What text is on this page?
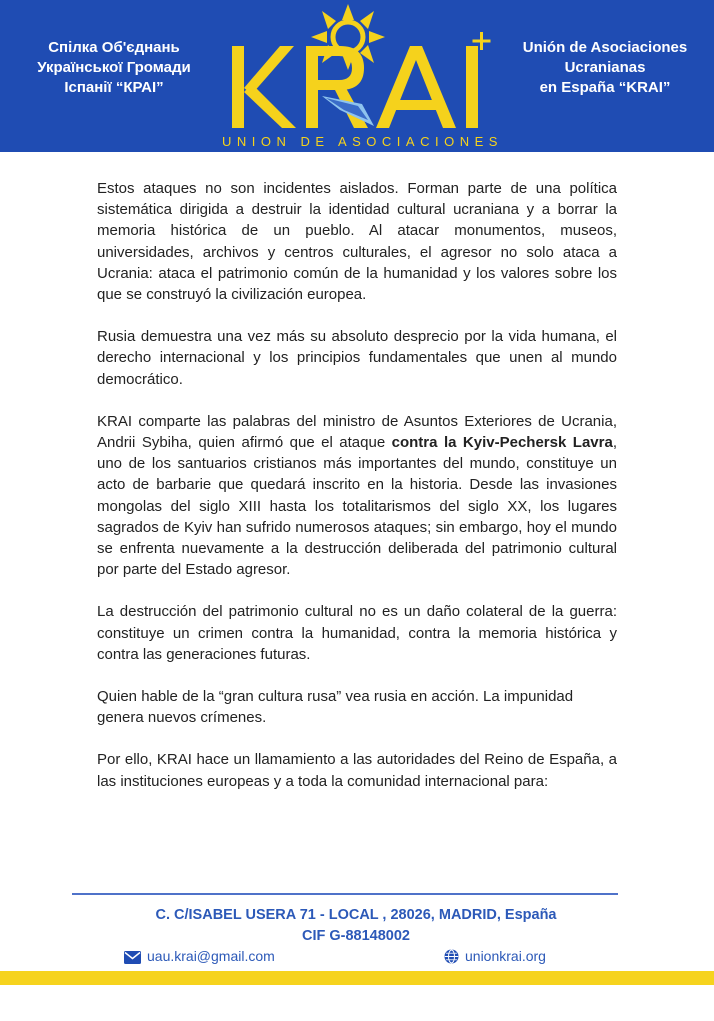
Спілка Об'єднань
Української Громади
Іспанії “КРАІ”
UNION DE ASOCIACIONES
Unión de Asociaciones
Ucranianas
en España “KRAI”

Estos ataques no son incidentes aislados. Forman parte de una política sistemática dirigida a destruir la identidad cultural ucraniana y a borrar la memoria histórica de un pueblo. Al atacar monumentos, museos, universidades, archivos y centros culturales, el agresor no solo ataca a Ucrania: ataca el patrimonio común de la humanidad y los valores sobre los que se construyó la civilización europea.

Rusia demuestra una vez más su absoluto desprecio por la vida humana, el derecho internacional y los principios fundamentales que unen al mundo democrático.

KRAI comparte las palabras del ministro de Asuntos Exteriores de Ucrania, Andrii Sybiha, quien afirmó que el ataque contra la Kyiv-Pechersk Lavra, uno de los santuarios cristianos más importantes del mundo, constituye un acto de barbarie que quedará inscrito en la historia. Desde las invasiones mongolas del siglo XIII hasta los totalitarismos del siglo XX, los lugares sagrados de Kyiv han sufrido numerosos ataques; sin embargo, hoy el mundo se enfrenta nuevamente a la destrucción deliberada del patrimonio cultural por parte del Estado agresor.

La destrucción del patrimonio cultural no es un daño colateral de la guerra: constituye un crimen contra la humanidad, contra la memoria histórica y contra las generaciones futuras.

Quien hable de la “gran cultura rusa” vea rusia en acción. La impunidad genera nuevos crímenes.

Por ello, KRAI hace un llamamiento a las autoridades del Reino de España, a las instituciones europeas y a toda la comunidad internacional para:

C. C/ISABEL USERA 71 - LOCAL , 28026, MADRID, España
CIF G-88148002
uau.krai@gmail.com	unionkrai.org
